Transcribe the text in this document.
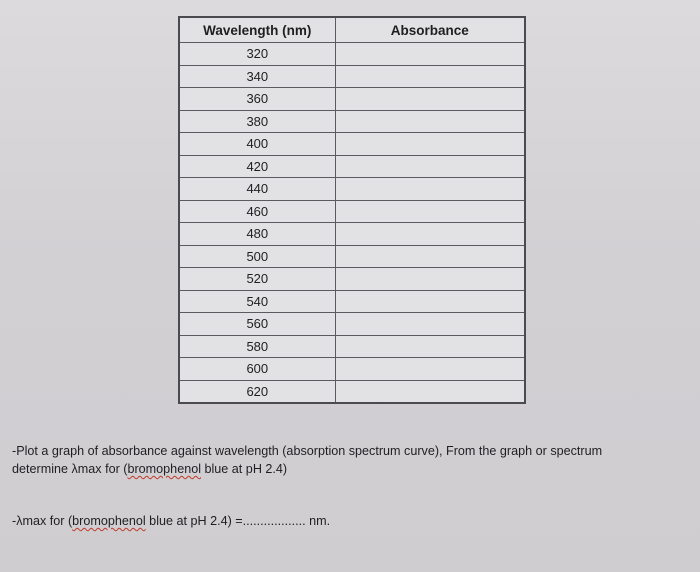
Wavelength (nm)	Absorbance
320	
340	
360	
380	
400	
420	
440	
460	
480	
500	
520	
540	
560	
580	
600	
620	
-Plot a graph of absorbance against wavelength (absorption spectrum curve), From the graph or spectrum
determine λmax for (bromophenol blue at pH 2.4)
-λmax for (bromophenol blue at pH 2.4) =.................. nm.
